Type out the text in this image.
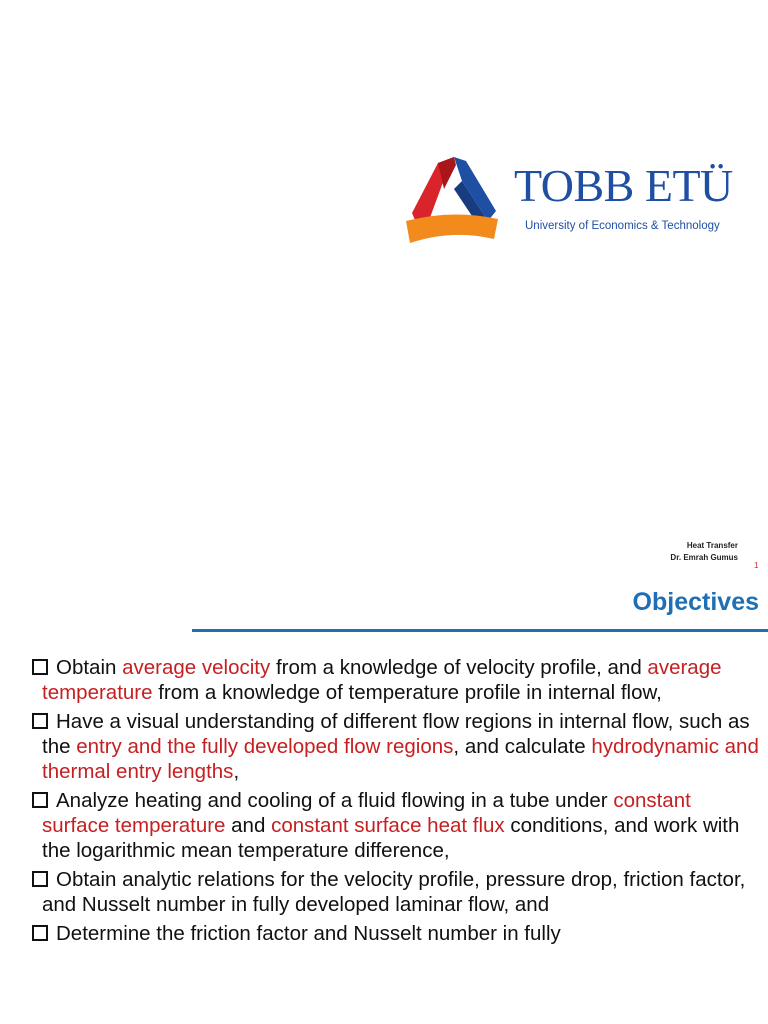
TOBB ETÜ
University of Economics & Technology
Heat Transfer
Dr. Emrah Gumus
1
Objectives
Obtain average velocity from a knowledge of velocity profile, and average temperature from a knowledge of temperature profile in internal flow,
Have a visual understanding of different flow regions in internal flow, such as the entry and the fully developed flow regions, and calculate hydrodynamic and thermal entry lengths,
Analyze heating and cooling of a fluid flowing in a tube under constant surface temperature and constant surface heat flux conditions, and work with the logarithmic mean temperature difference,
Obtain analytic relations for the velocity profile, pressure drop, friction factor, and Nusselt number in fully developed laminar flow, and
Determine the friction factor and Nusselt number in fully
